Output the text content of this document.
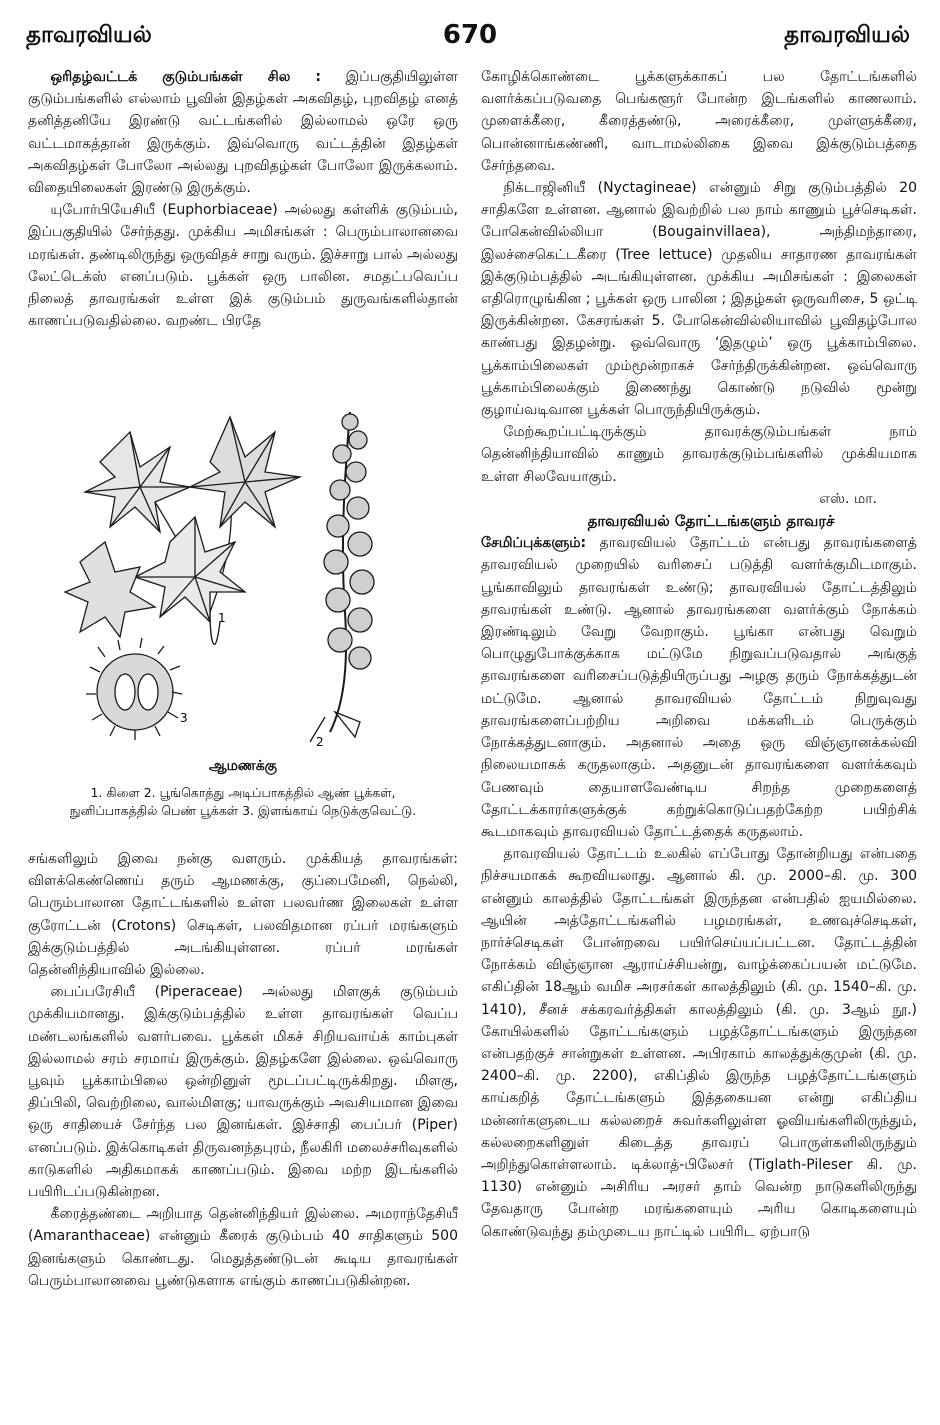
தாவரவியல்	670	தாவரவியல்

ஒரிதழ்வட்டக் குடும்பங்கள் சில : இப்பகுதியிலுள்ள குடும்பங்களில் எல்லாம் பூவின் இதழ்கள் அகவிதழ், புறவிதழ் எனத் தனித்தனியே இரண்டு வட்டங்களில் இல்லாமல் ஒரே ஒரு வட்டமாகத்தான் இருக்கும். இவ்வொரு வட்டத்தின் இதழ்கள் அகவிதழ்கள் போலோ அல்லது புறவிதழ்கள் போலோ இருக்கலாம். விதையிலைகள் இரண்டு இருக்கும்.

யுபோர்பியேசியீ (Euphorbiaceae) அல்லது கள்ளிக் குடும்பம், இப்பகுதியில் சேர்ந்தது. முக்கிய அமிசங்கள் : பெரும்பாலானவை மரங்கள். தண்டிலிருந்து ஒருவிதச் சாறு வரும். இச்சாறு பால் அல்லது லேட்டெக்ஸ் எனப்படும். பூக்கள் ஒரு பாலின. சமதட்பவெப்ப நிலைத் தாவரங்கள் உள்ள இக் குடும்பம் துருவங்களில்தான் காணப்படுவதில்லை. வறண்ட பிரதே

1
2
3
ஆமணக்கு
1. கிளை 2. பூங்கொத்து அடிப்பாகத்தில் ஆண் பூக்கள்,
நுனிப்பாகத்தில் பெண் பூக்கள் 3. இளங்காய் நெடுக்குவெட்டு.

சங்களிலும் இவை நன்கு வளரும். முக்கியத் தாவரங்கள்: விளக்கெண்ணெய் தரும் ஆமணக்கு, குப்பைமேனி, நெல்லி, பெரும்பாலான தோட்டங்களில் உள்ள பலவர்ண இலைகள் உள்ள குரோட்டன் (Crotons) செடிகள், பலவிதமான ரப்பர் மரங்களும் இக்குடும்பத்தில் அடங்கியுள்ளன. ரப்பர் மரங்கள் தென்னிந்தியாவில் இல்லை.

பைப்பரேசியீ (Piperaceae) அல்லது மிளகுக் குடும்பம் முக்கியமானது. இக்குடும்பத்தில் உள்ள தாவரங்கள் வெப்ப மண்டலங்களில் வளர்பவை. பூக்கள் மிகச் சிறியவாய்க் காம்புகள் இல்லாமல் சரம் சரமாய் இருக்கும். இதழ்களே இல்லை. ஒவ்வொரு பூவும் பூக்காம்பிலை ஒன்றினுள் மூடப்பட்டிருக்கிறது. மிளகு, திப்பிலி, வெற்றிலை, வால்மிளகு; யாவருக்கும் அவசியமான இவை ஒரு சாதியைச் சேர்ந்த பல இனங்கள். இச்சாதி பைப்பர் (Piper) எனப்படும். இக்கொடிகள் திருவனந்தபுரம், நீலகிரி மலைச்சரிவுகளில் காடுகளில் அதிகமாகக் காணப்படும். இவை மற்ற இடங்களில் பயிரிடப்படுகின்றன.

கீரைத்தண்டை அறியாத தென்னிந்தியர் இல்லை. அமராந்தேசியீ (Amaranthaceae) என்னும் கீரைக் குடும்பம் 40 சாதிகளும் 500 இனங்களும் கொண்டது. மெதுத்தண்டுடன் கூடிய தாவரங்கள் பெரும்பாலானவை பூண்டுகளாக எங்கும் காணப்படுகின்றன.

கோழிக்கொண்டை பூக்களுக்காகப் பல தோட்டங்களில் வளர்க்கப்படுவதை பெங்களூர் போன்ற இடங்களில் காணலாம். முளைக்கீரை, கீரைத்தண்டு, அரைக்கீரை, முள்ளுக்கீரை, பொன்னாங்கண்ணி, வாடாமல்லிகை இவை இக்குடும்பத்தை சேர்ந்தவை.

நிக்டாஜினியீ (Nyctagineae) என்னும் சிறு குடும்பத்தில் 20 சாதிகளே உள்ளன. ஆனால் இவற்றில் பல நாம் காணும் பூச்செடிகள். போகென்வில்லியா (Bougainvillaea), அந்திமந்தாரை, இலச்சைகெட்டகீரை (Tree lettuce) முதலிய சாதாரண தாவரங்கள் இக்குடும்பத்தில் அடங்கியுள்ளன. முக்கிய அமிசங்கள் : இலைகள் எதிரொழுங்கின ; பூக்கள் ஒரு பாலின ; இதழ்கள் ஒருவரிசை, 5 ஒட்டி இருக்கின்றன. கேசரங்கள் 5. போகென்வில்லியாவில் பூவிதழ்போல காண்பது இதழன்று. ஒவ்வொரு ‘இதழும்’ ஒரு பூக்காம்பிலை. பூக்காம்பிலைகள் மும்மூன்றாகச் சேர்ந்திருக்கின்றன. ஒவ்வொரு பூக்காம்பிலைக்கும் இணைந்து கொண்டு நடுவில் மூன்று குழாய்வடிவான பூக்கள் பொருந்தியிருக்கும்.

மேற்கூறப்பட்டிருக்கும் தாவரக்குடும்பங்கள் நாம் தென்னிந்தியாவில் காணும் தாவரக்குடும்பங்களில் முக்கியமாக உள்ள சிலவேயாகும்.

எஸ். மா.

தாவரவியல் தோட்டங்களும் தாவரச்

சேமிப்புக்களும்: தாவரவியல் தோட்டம் என்பது தாவரங்களைத் தாவரவியல் முறையில் வரிசைப் படுத்தி வளர்க்குமிடமாகும். பூங்காவிலும் தாவரங்கள் உண்டு; தாவரவியல் தோட்டத்திலும் தாவரங்கள் உண்டு. ஆனால் தாவரங்களை வளர்க்கும் நோக்கம் இரண்டிலும் வேறு வேறாகும். பூங்கா என்பது வெறும் பொழுதுபோக்குக்காக மட்டுமே நிறுவப்படுவதால் அங்குத் தாவரங்களை வரிசைப்படுத்தியிருப்பது அழகு தரும் நோக்கத்துடன் மட்டுமே. ஆனால் தாவரவியல் தோட்டம் நிறுவுவது தாவரங்களைப்பற்றிய அறிவை மக்களிடம் பெருக்கும் நோக்கத்துடனாகும். அதனால் அதை ஒரு விஞ்ஞானக்கல்வி நிலையமாகக் கருதலாகும். அதனுடன் தாவரங்களை வளர்க்கவும் பேணவும் தையாளவேண்டிய சிறந்த முறைகளைத் தோட்டக்காரர்களுக்குக் கற்றுக்கொடுப்பதற்கேற்ற பயிற்சிக் கூடமாகவும் தாவரவியல் தோட்டத்தைக் கருதலாம்.

தாவரவியல் தோட்டம் உலகில் எப்போது தோன்றியது என்பதை நிச்சயமாகக் கூறவியலாது. ஆனால் கி. மு. 2000–கி. மு. 300 என்னும் காலத்தில் தோட்டங்கள் இருந்தன என்பதில் ஐயமில்லை. ஆயின் அத்தோட்டங்களில் பழமரங்கள், உணவுச்செடிகள், நார்ச்செடிகள் போன்றவை பயிர்செய்யப்பட்டன. தோட்டத்தின் நோக்கம் விஞ்ஞான ஆராய்ச்சியன்று, வாழ்க்கைப்பயன் மட்டுமே. எகிப்தின் 18ஆம் வமிச அரசர்கள் காலத்திலும் (கி. மு. 1540–கி. மு. 1410), சீனச் சக்கரவர்த்திகள் காலத்திலும் (கி. மு. 3ஆம் நூ.) கோயில்களில் தோட்டங்களும் பழத்தோட்டங்களும் இருந்தன என்பதற்குச் சான்றுகள் உள்ளன. அபிரகாம் காலத்துக்குமுன் (கி. மு. 2400–கி. மு. 2200), எகிப்தில் இருந்த பழத்தோட்டங்களும் காய்கறித் தோட்டங்களும் இத்தகையன என்று எகிப்திய மன்னர்களுடைய கல்லறைச் சுவர்களிலுள்ள ஓவியங்களிலிருந்தும், கல்லறைகளினுள் கிடைத்த தாவரப் பொருள்களிலிருந்தும் அறிந்துகொள்ளலாம். டிக்லாத்-பிலேசர் (Tiglath-Pileser கி. மு. 1130) என்னும் அசிரிய அரசர் தாம் வென்ற நாடுகளிலிருந்து தேவதாரு போன்ற மரங்களையும் அரிய கொடிகளையும் கொண்டுவந்து தம்முடைய நாட்டில் பயிரிட ஏற்பாடு
